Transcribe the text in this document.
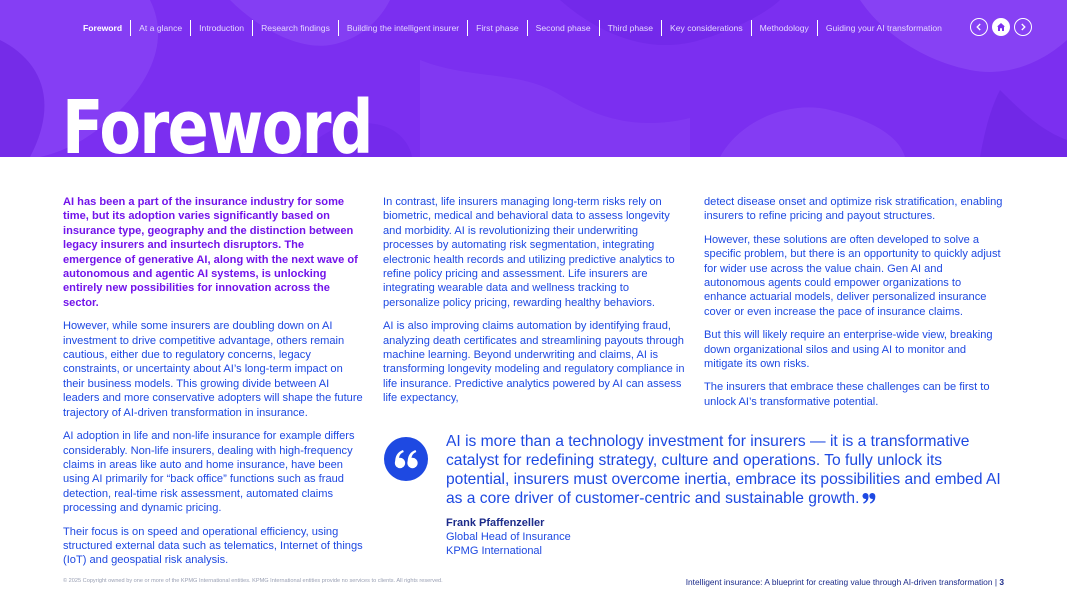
Foreword	At a glance	Introduction	Research findings	Building the intelligent insurer	First phase	Second phase	Third phase	Key considerations	Methodology	Guiding your AI transformation
Foreword

AI has been a part of the insurance industry for some time, but its adoption varies significantly based on insurance type, geography and the distinction between legacy insurers and insurtech disruptors. The emergence of generative AI, along with the next wave of autonomous and agentic AI systems, is unlocking entirely new possibilities for innovation across the sector.

However, while some insurers are doubling down on AI investment to drive competitive advantage, others remain cautious, either due to regulatory concerns, legacy constraints, or uncertainty about AI’s long-term impact on their business models. This growing divide between AI leaders and more conservative adopters will shape the future trajectory of AI-driven transformation in insurance.

AI adoption in life and non-life insurance for example differs considerably. Non-life insurers, dealing with high-frequency claims in areas like auto and home insurance, have been using AI primarily for “back office” functions such as fraud detection, real-time risk assessment, automated claims processing and dynamic pricing.

Their focus is on speed and operational efficiency, using structured external data such as telematics, Internet of things (IoT) and geospatial risk analysis.

In contrast, life insurers managing long-term risks rely on biometric, medical and behavioral data to assess longevity and morbidity. AI is revolutionizing their underwriting processes by automating risk segmentation, integrating electronic health records and utilizing predictive analytics to refine policy pricing and assessment. Life insurers are integrating wearable data and wellness tracking to personalize policy pricing, rewarding healthy behaviors.

AI is also improving claims automation by identifying fraud, analyzing death certificates and streamlining payouts through machine learning. Beyond underwriting and claims, AI is transforming longevity modeling and regulatory compliance in life insurance. Predictive analytics powered by AI can assess life expectancy,

detect disease onset and optimize risk stratification, enabling insurers to refine pricing and payout structures.

However, these solutions are often developed to solve a specific problem, but there is an opportunity to quickly adjust for wider use across the value chain. Gen AI and autonomous agents could empower organizations to enhance actuarial models, deliver personalized insurance cover or even increase the pace of insurance claims.

But this will likely require an enterprise-wide view, breaking down organizational silos and using AI to monitor and mitigate its own risks.

The insurers that embrace these challenges can be first to unlock AI’s transformative potential.

AI is more than a technology investment for insurers — it is a transformative catalyst for redefining strategy, culture and operations. To fully unlock its potential, insurers must overcome inertia, embrace its possibilities and embed AI as a core driver of customer-centric and sustainable growth.
Frank Pfaffenzeller
Global Head of Insurance
KPMG International
© 2025 Copyright owned by one or more of the KPMG International entities. KPMG International entities provide no services to clients. All rights reserved.	Intelligent insurance: A blueprint for creating value through AI-driven transformation | 3
